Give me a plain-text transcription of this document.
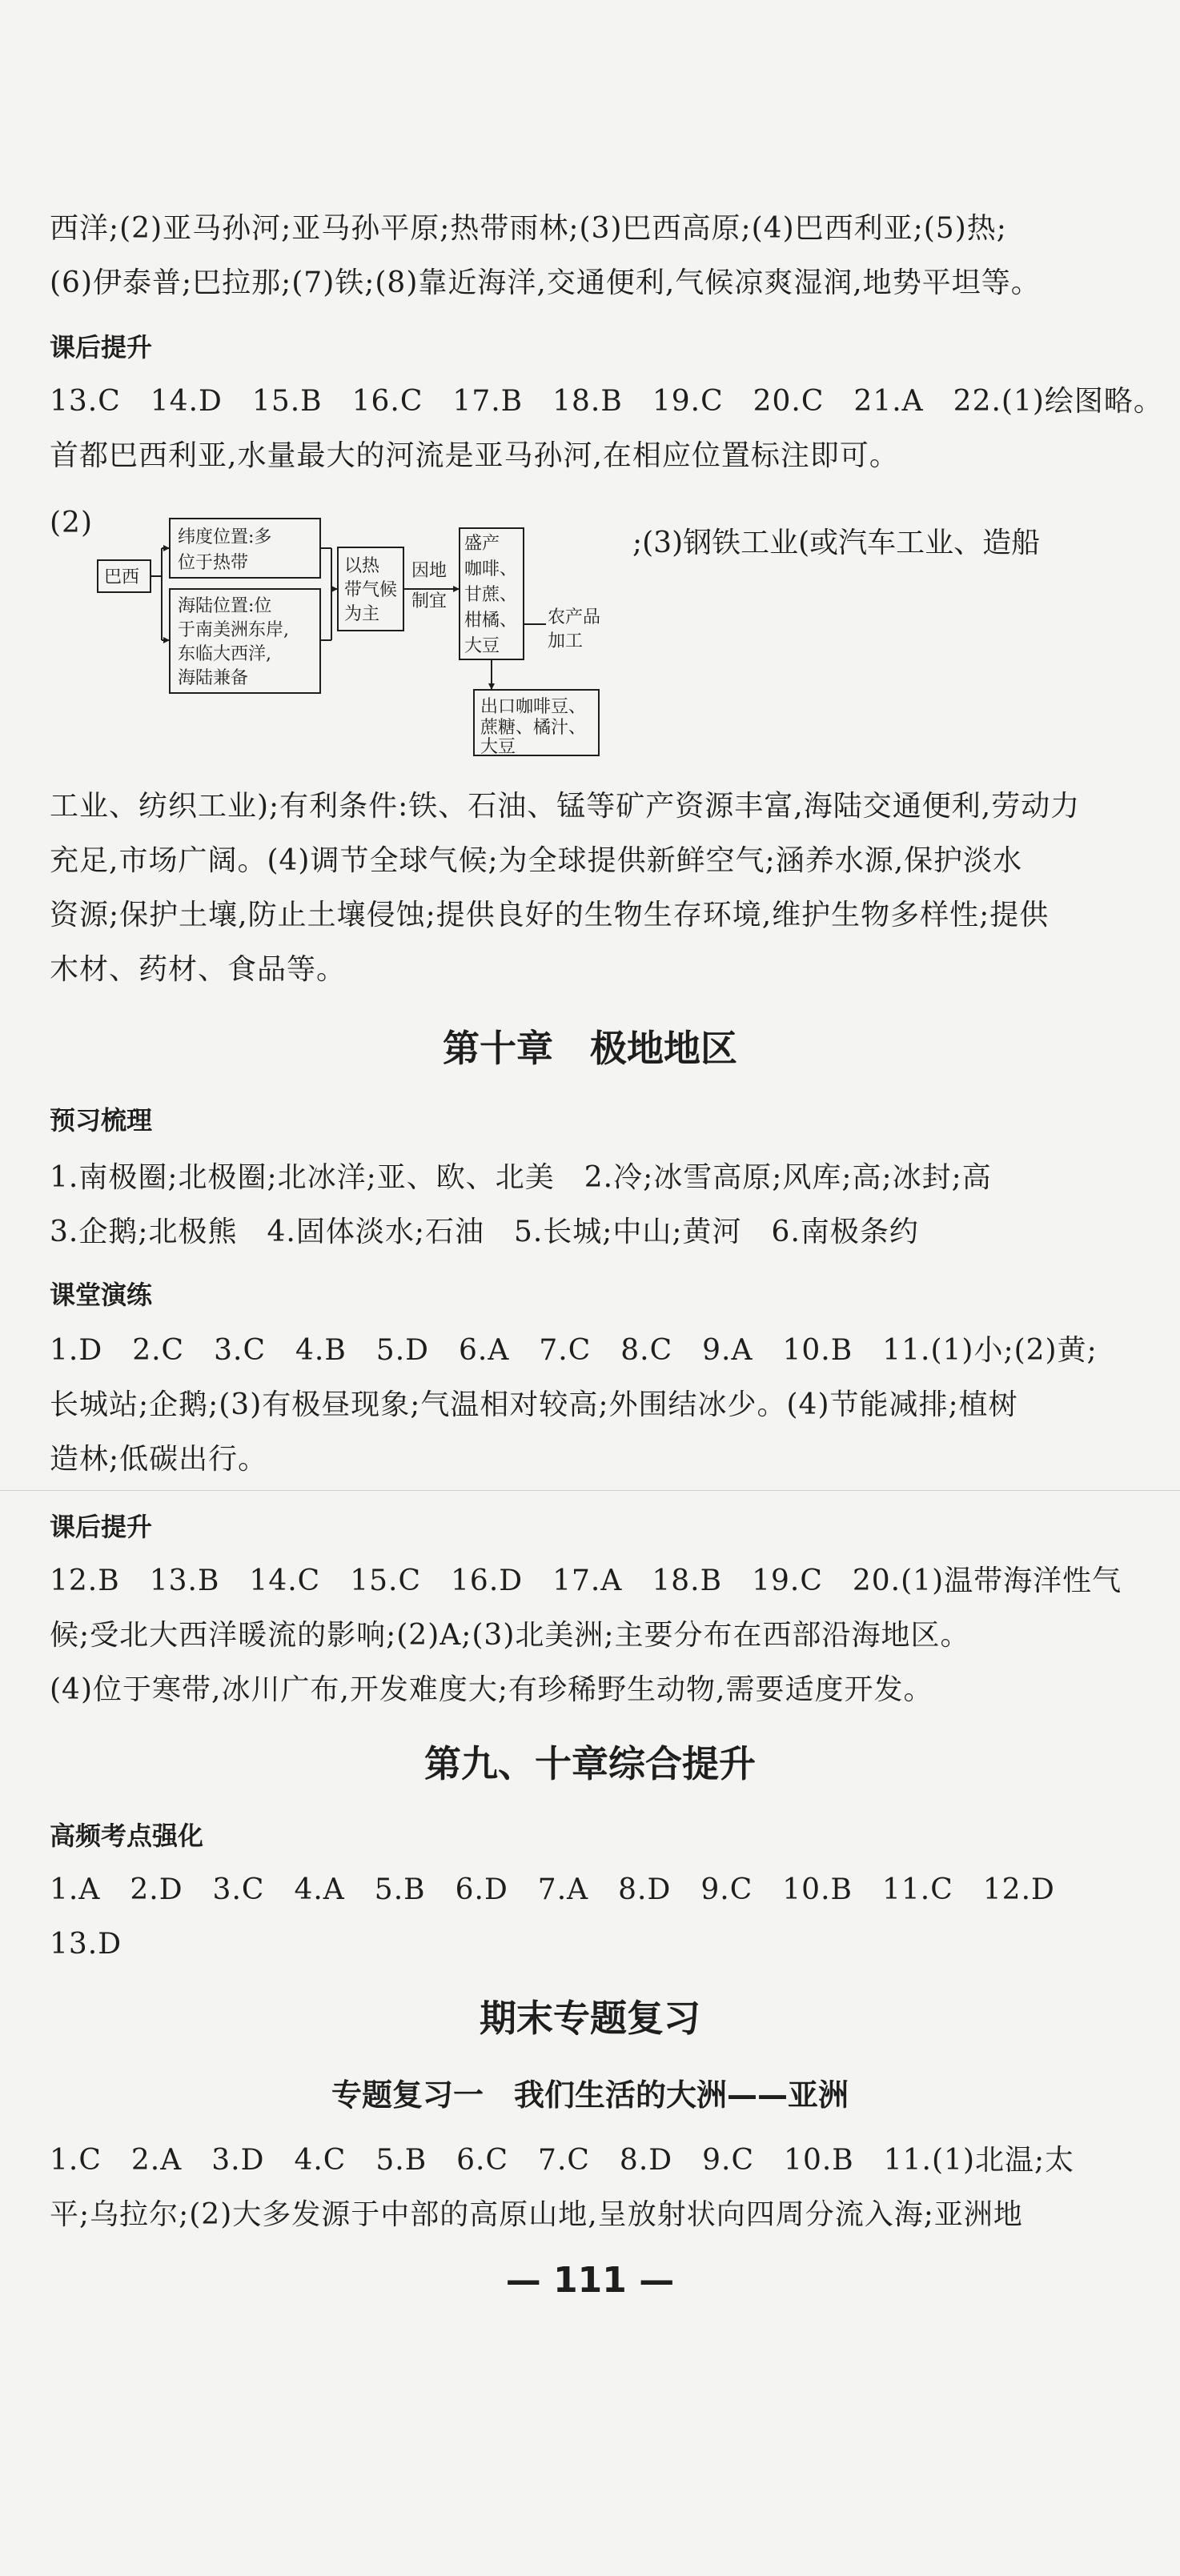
西洋;(2)亚马孙河;亚马孙平原;热带雨林;(3)巴西高原;(4)巴西利亚;(5)热;
(6)伊泰普;巴拉那;(7)铁;(8)靠近海洋,交通便利,气候凉爽湿润,地势平坦等。
课后提升
13.C　14.D　15.B　16.C　17.B　18.B　19.C　20.C　21.A　22.(1)绘图略。
首都巴西利亚,水量最大的河流是亚马孙河,在相应位置标注即可。
(2)
巴西
纬度位置:多
位于热带
海陆位置:位
于南美洲东岸,
东临大西洋,
海陆兼备
以热
带气候
为主
因地
制宜
盛产
咖啡、
甘蔗、
柑橘、
大豆
农产品
加工
出口咖啡豆、
蔗糖、橘汁、
大豆
;(3)钢铁工业(或汽车工业、造船
工业、纺织工业);有利条件:铁、石油、锰等矿产资源丰富,海陆交通便利,劳动力
充足,市场广阔。(4)调节全球气候;为全球提供新鲜空气;涵养水源,保护淡水
资源;保护土壤,防止土壤侵蚀;提供良好的生物生存环境,维护生物多样性;提供
木材、药材、食品等。
第十章　极地地区
预习梳理
1.南极圈;北极圈;北冰洋;亚、欧、北美　2.冷;冰雪高原;风库;高;冰封;高
3.企鹅;北极熊　4.固体淡水;石油　5.长城;中山;黄河　6.南极条约
课堂演练
1.D　2.C　3.C　4.B　5.D　6.A　7.C　8.C　9.A　10.B　11.(1)小;(2)黄;
长城站;企鹅;(3)有极昼现象;气温相对较高;外围结冰少。(4)节能减排;植树
造林;低碳出行。
课后提升
12.B　13.B　14.C　15.C　16.D　17.A　18.B　19.C　20.(1)温带海洋性气
候;受北大西洋暖流的影响;(2)A;(3)北美洲;主要分布在西部沿海地区。
(4)位于寒带,冰川广布,开发难度大;有珍稀野生动物,需要适度开发。
第九、十章综合提升
高频考点强化
1.A　2.D　3.C　4.A　5.B　6.D　7.A　8.D　9.C　10.B　11.C　12.D
13.D
期末专题复习
专题复习一　我们生活的大洲——亚洲
1.C　2.A　3.D　4.C　5.B　6.C　7.C　8.D　9.C　10.B　11.(1)北温;太
平;乌拉尔;(2)大多发源于中部的高原山地,呈放射状向四周分流入海;亚洲地
— 111 —
